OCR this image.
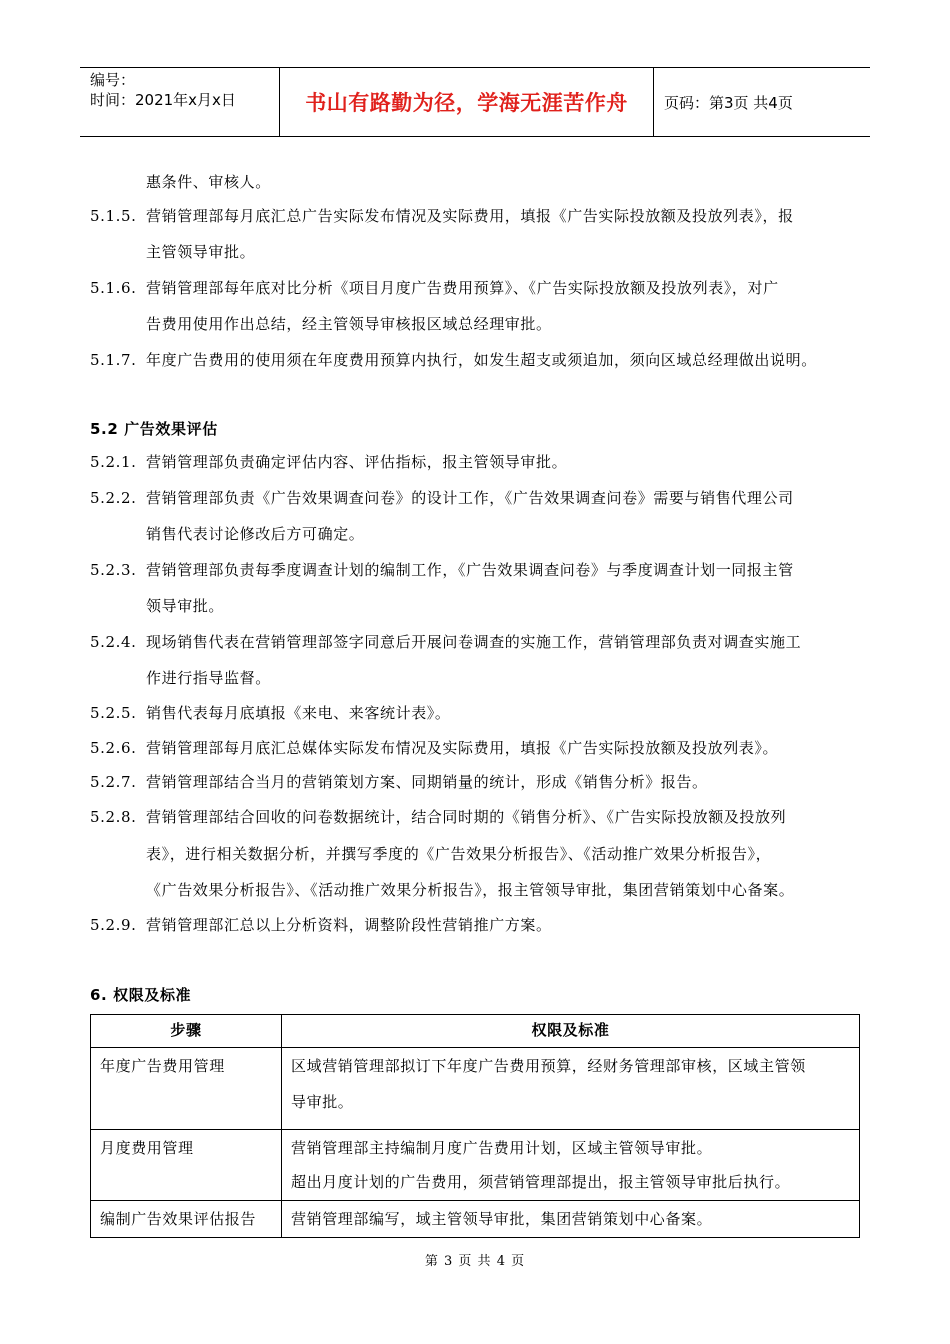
编号：
时间：2021年x月x日	书山有路勤为径，学海无涯苦作舟	页码：第3页 共4页
惠条件、审核人。
5.1.5. 营销管理部每月底汇总广告实际发布情况及实际费用，填报《广告实际投放额及投放列表》，报
主管领导审批。
5.1.6. 营销管理部每年底对比分析《项目月度广告费用预算》、《广告实际投放额及投放列表》，对广
告费用使用作出总结，经主管领导审核报区域总经理审批。
5.1.7. 年度广告费用的使用须在年度费用预算内执行，如发生超支或须追加，须向区域总经理做出说明。
5.2 广告效果评估
5.2.1. 营销管理部负责确定评估内容、评估指标，报主管领导审批。
5.2.2. 营销管理部负责《广告效果调查问卷》的设计工作，《广告效果调查问卷》需要与销售代理公司
销售代表讨论修改后方可确定。
5.2.3. 营销管理部负责每季度调查计划的编制工作，《广告效果调查问卷》与季度调查计划一同报主管
领导审批。
5.2.4. 现场销售代表在营销管理部签字同意后开展问卷调查的实施工作，营销管理部负责对调查实施工
作进行指导监督。
5.2.5. 销售代表每月底填报《来电、来客统计表》。
5.2.6. 营销管理部每月底汇总媒体实际发布情况及实际费用，填报《广告实际投放额及投放列表》。
5.2.7. 营销管理部结合当月的营销策划方案、同期销量的统计，形成《销售分析》报告。
5.2.8. 营销管理部结合回收的问卷数据统计，结合同时期的《销售分析》、《广告实际投放额及投放列
表》，进行相关数据分析，并撰写季度的《广告效果分析报告》、《活动推广效果分析报告》，
《广告效果分析报告》、《活动推广效果分析报告》，报主管领导审批，集团营销策划中心备案。
5.2.9. 营销管理部汇总以上分析资料，调整阶段性营销推广方案。
6. 权限及标准
步骤	权限及标准
年度广告费用管理	区域营销管理部拟订下年度广告费用预算，经财务管理部审核，区域主管领
导审批。

月度费用管理	营销管理部主持编制月度广告费用计划，区域主管领导审批。
超出月度计划的广告费用，须营销管理部提出，报主管领导审批后执行。

编制广告效果评估报告	营销管理部编写，域主管领导审批，集团营销策划中心备案。
第 3 页 共 4 页
